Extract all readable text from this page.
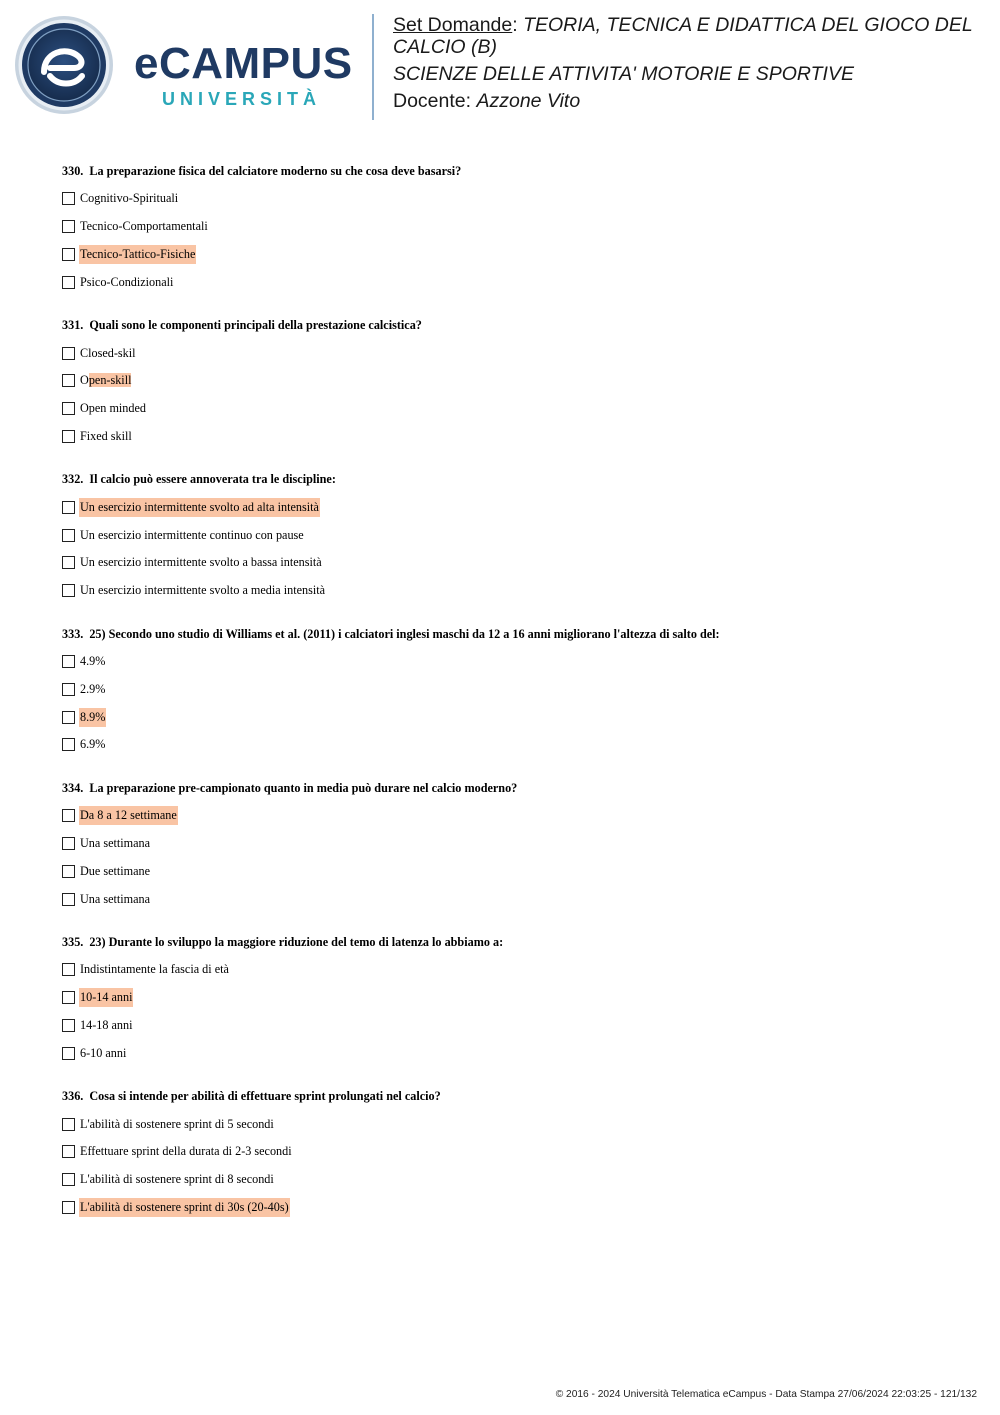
eCAMPUS
UNIVERSITÀ

Set Domande: TEORIA, TECNICA E DIDATTICA DEL GIOCO DEL CALCIO (B)

SCIENZE DELLE ATTIVITA' MOTORIE E SPORTIVE

Docente: Azzone Vito

330. La preparazione fisica del calciatore moderno su che cosa deve basarsi?
Cognitivo-Spirituali
Tecnico-Comportamentali
Tecnico-Tattico-Fisiche
Psico-Condizionali
331. Quali sono le componenti principali della prestazione calcistica?
Closed-skil
Open-skill
Open minded
Fixed skill
332. Il calcio può essere annoverata tra le discipline:
Un esercizio intermittente svolto ad alta intensità
Un esercizio intermittente continuo con pause
Un esercizio intermittente svolto a bassa intensità
Un esercizio intermittente svolto a media intensità
333. 25) Secondo uno studio di Williams et al. (2011) i calciatori inglesi maschi da 12 a 16 anni migliorano l'altezza di salto del:
4.9%
2.9%
8.9%
6.9%
334. La preparazione pre-campionato quanto in media può durare nel calcio moderno?
Da 8 a 12 settimane
Una settimana
Due settimane
Una settimana
335. 23) Durante lo sviluppo la maggiore riduzione del temo di latenza lo abbiamo a:
Indistintamente la fascia di età
10-14 anni
14-18 anni
6-10 anni
336. Cosa si intende per abilità di effettuare sprint prolungati nel calcio?
L'abilità di sostenere sprint di 5 secondi
Effettuare sprint della durata di 2-3 secondi
L'abilità di sostenere sprint di 8 secondi
L'abilità di sostenere sprint di 30s (20-40s)
© 2016 - 2024 Università Telematica eCampus - Data Stampa 27/06/2024 22:03:25 - 121/132
